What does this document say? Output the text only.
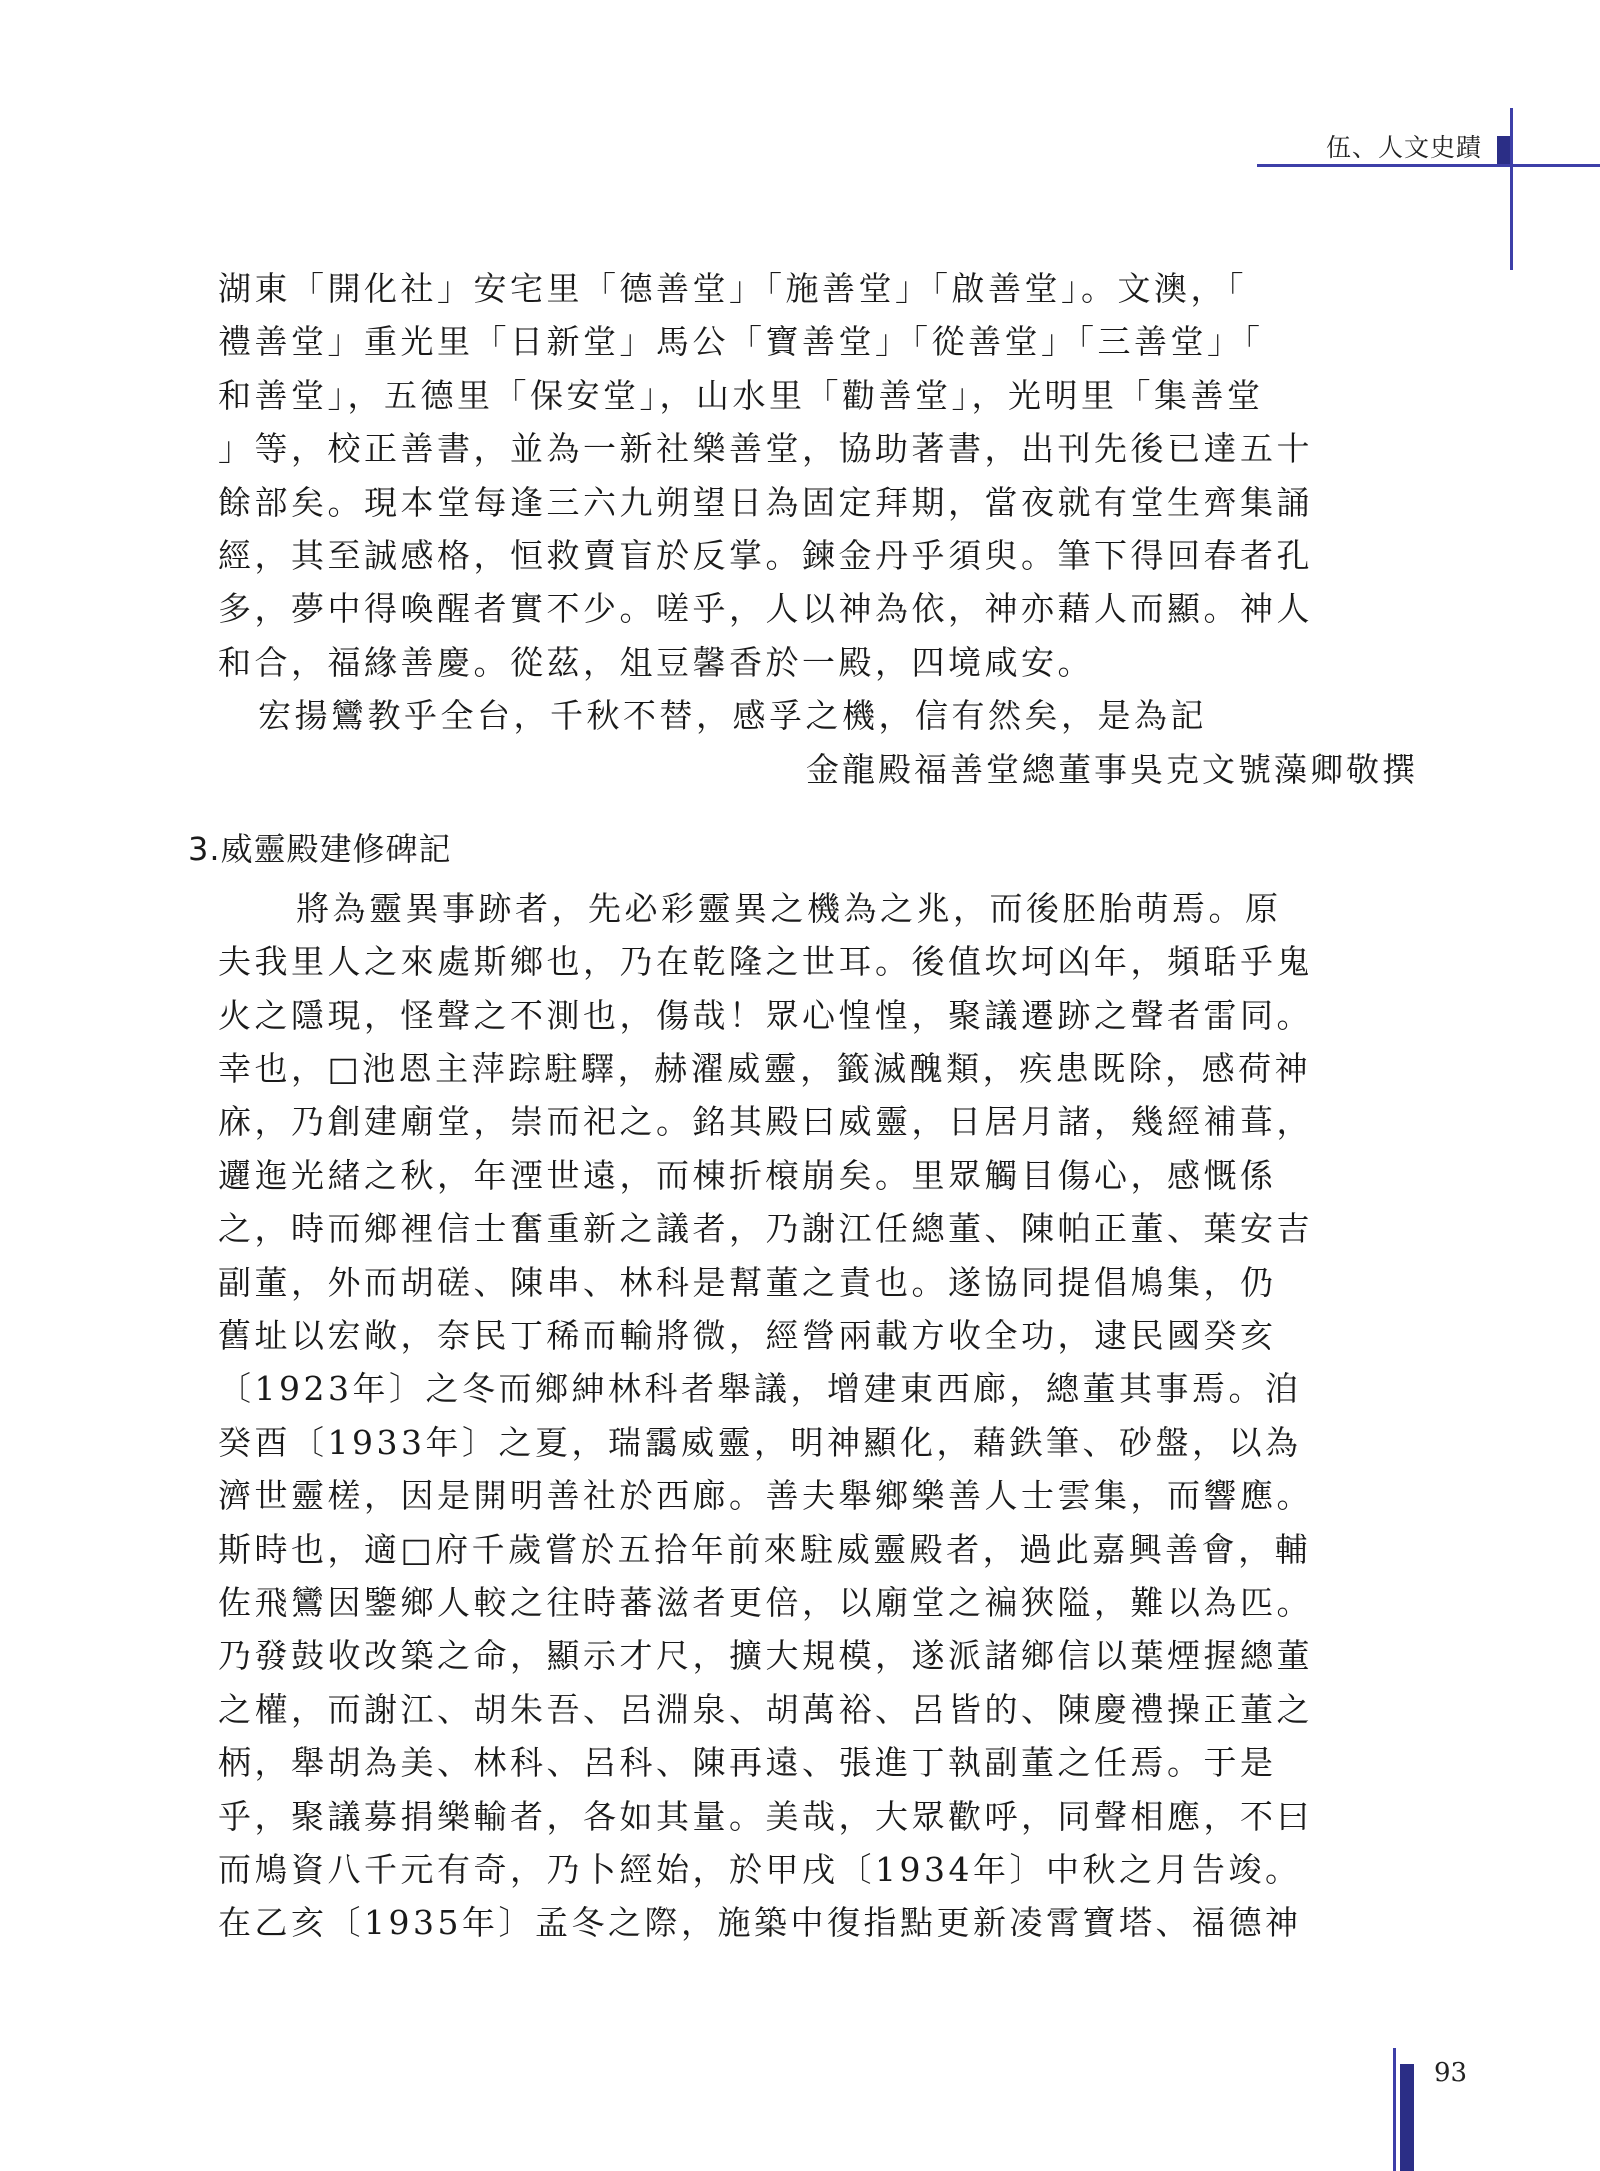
伍、人文史蹟
湖東「開化社」安宅里「德善堂」「施善堂」「啟善堂」。文澳，「
禮善堂」重光里「日新堂」馬公「寶善堂」「從善堂」「三善堂」「
和善堂」，五德里「保安堂」，山水里「勸善堂」，光明里「集善堂
」等，校正善書，並為一新社樂善堂，協助著書，出刊先後已達五十
餘部矣。現本堂每逢三六九朔望日為固定拜期，當夜就有堂生齊集誦
經，其至誠感格，恒救賣盲於反掌。鍊金丹乎須臾。筆下得回春者孔
多，夢中得喚醒者實不少。嗟乎，人以神為依，神亦藉人而顯。神人
和合，福緣善慶。從茲，俎豆馨香於一殿，四境咸安。
宏揚鸞教乎全台，千秋不替，感孚之機，信有然矣，是為記
金龍殿福善堂總董事吳克文號藻卿敬撰
3.威靈殿建修碑記
將為靈異事跡者，先必彩靈異之機為之兆，而後胚胎萌焉。原
夫我里人之來處斯鄉也，乃在乾隆之世耳。後值坎坷凶年，頻聒乎鬼
火之隱現，怪聲之不測也，傷哉！眾心惶惶，聚議遷跡之聲者雷同。
幸也，□池恩主萍踪駐驛，赫濯威靈，籤滅醜類，疾患既除，感荷神
庥，乃創建廟堂，崇而祀之。銘其殿曰威靈，日居月諸，幾經補葺，
邐迤光緒之秋，年湮世遠，而棟折榱崩矣。里眾觸目傷心，感慨係
之，時而鄉裡信士奮重新之議者，乃謝江任總董、陳帕正董、葉安吉
副董，外而胡磋、陳串、林科是幫董之責也。遂協同提倡鳩集，仍
舊址以宏敞，奈民丁稀而輸將微，經營兩載方收全功，逮民國癸亥
〔1923年〕之冬而鄉紳林科者舉議，增建東西廊，總董其事焉。洎
癸酉〔1933年〕之夏，瑞靄威靈，明神顯化，藉鉄筆、砂盤，以為
濟世靈槎，因是開明善社於西廊。善夫舉鄉樂善人士雲集，而響應。
斯時也，適□府千歲嘗於五拾年前來駐威靈殿者，過此嘉興善會，輔
佐飛鸞因鑒鄉人較之往時蕃滋者更倍，以廟堂之褊狹隘，難以為匹。
乃發鼓收改築之命，顯示才尺，擴大規模，遂派諸鄉信以葉煙握總董
之權，而謝江、胡朱吾、呂淵泉、胡萬裕、呂皆的、陳慶禮操正董之
柄，舉胡為美、林科、呂科、陳再遠、張進丁執副董之任焉。于是
乎，聚議募捐樂輸者，各如其量。美哉，大眾歡呼，同聲相應，不曰
而鳩資八千元有奇，乃卜經始，於甲戌〔1934年〕中秋之月告竣。
在乙亥〔1935年〕孟冬之際，施築中復指點更新凌霄寶塔、福德神
93
